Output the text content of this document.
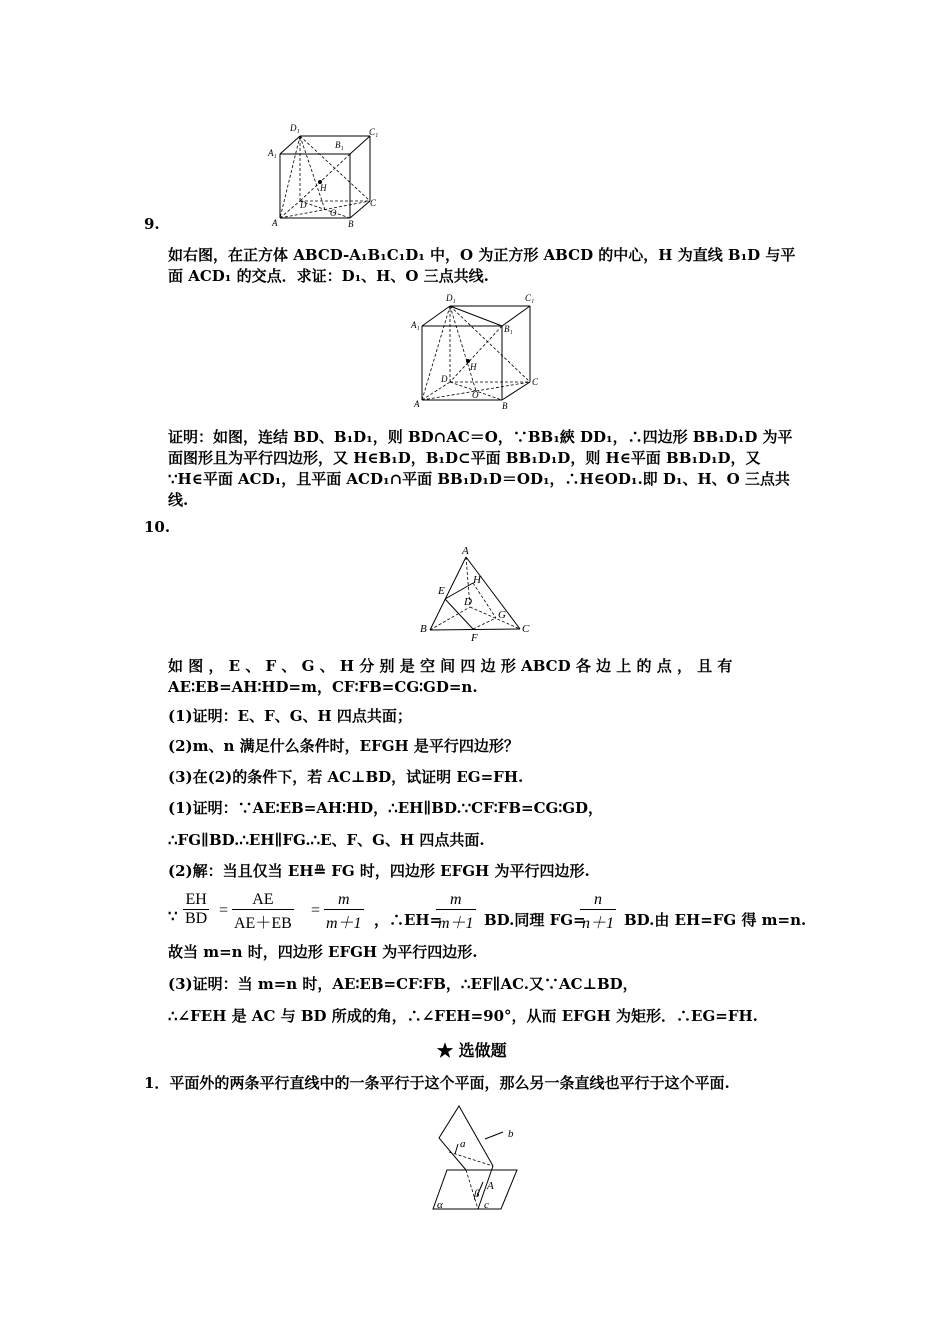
9.	A	B
C
D
A₁
B₁
C₁
D₁
H
O
如右图，在正方体 ABCD-A₁B₁C₁D₁ 中，O 为正方形 ABCD 的中心，H 为直线 B₁D 与平
面 ACD₁ 的交点．求证：D₁、H、O 三点共线.
A	B
C
D
A₁	B₁
C₁
D₁
H
O
证明：如图，连结 BD、B₁D₁，则 BD∩AC＝O，∵BB₁綊 DD₁，∴四边形 BB₁D₁D 为平
面图形且为平行四边形，又 H∈B₁D，B₁D⊂平面 BB₁D₁D，则 H∈平面 BB₁D₁D，又
∵H∈平面 ACD₁，且平面 ACD₁∩平面 BB₁D₁D＝OD₁，∴H∈OD₁.即 D₁、H、O 三点共
线.
10.
A
B	C
D
E
F
G
H
如 图 ， E 、 F 、 G 、 H 分 别 是 空 间 四 边 形 ABCD 各 边 上 的 点 ， 且 有
AE∶EB=AH∶HD=m，CF∶FB=CG∶GD=n.
(1)证明：E、F、G、H 四点共面；
(2)m、n 满足什么条件时，EFGH 是平行四边形？
(3)在(2)的条件下，若 AC⊥BD，试证明 EG=FH.
(1)证明：∵AE∶EB=AH∶HD，∴EH∥BD.∵CF∶FB=CG∶GD，
∴FG∥BD.∴EH∥FG.∴E、F、G、H 四点共面.
(2)解：当且仅当 EH≞ FG 时，四边形 EFGH 为平行四边形.
∵ $\frac{EH}{BD} = \frac{AE}{AE+EB} = \frac{m}{m+1}$ ，∴EH=
$\frac{m}{m+1}$ BD.同理 FG=
$\frac{n}{n+1}$ BD.由 EH=FG 得 m=n.
故当 m=n 时，四边形 EFGH 为平行四边形.
(3)证明：当 m=n 时，AE∶EB=CF∶FB，∴EF∥AC.又∵AC⊥BD，
∴∠FEH 是 AC 与 BD 所成的角，∴∠FEH=90°，从而 EFGH 为矩形．∴EG=FH.
★ 选做题
1．平面外的两条平行直线中的一条平行于这个平面，那么另一条直线也平行于这个平面.
a
b
A
β
α	c
